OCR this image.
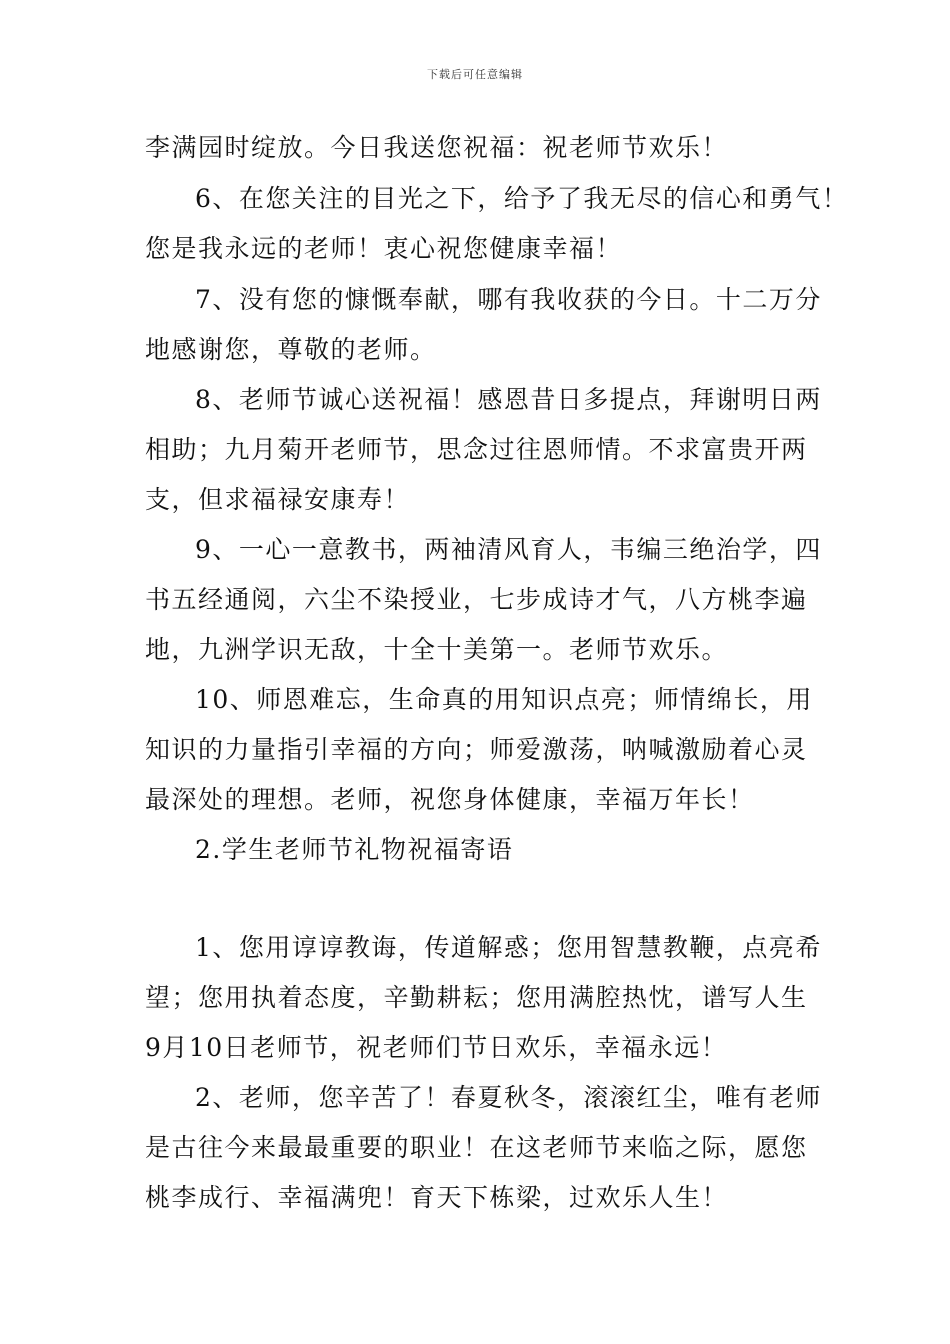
下载后可任意编辑
李满园时绽放。今日我送您祝福：祝老师节欢乐！
6、在您关注的目光之下，给予了我无尽的信心和勇气！
您是我永远的老师！衷心祝您健康幸福！
7、没有您的慷慨奉献，哪有我收获的今日。十二万分
地感谢您，尊敬的老师。
8、老师节诚心送祝福！感恩昔日多提点，拜谢明日两
相助；九月菊开老师节，思念过往恩师情。不求富贵开两
支，但求福禄安康寿！
9、一心一意教书，两袖清风育人，韦编三绝治学，四
书五经通阅，六尘不染授业，七步成诗才气，八方桃李遍
地，九洲学识无敌，十全十美第一。老师节欢乐。
10、师恩难忘，生命真的用知识点亮；师情绵长，用
知识的力量指引幸福的方向；师爱激荡，呐喊激励着心灵
最深处的理想。老师，祝您身体健康，幸福万年长！
2.学生老师节礼物祝福寄语
1、您用谆谆教诲，传道解惑；您用智慧教鞭，点亮希
望；您用执着态度，辛勤耕耘；您用满腔热忱，谱写人生
9月10日老师节，祝老师们节日欢乐，幸福永远！
2、老师，您辛苦了！春夏秋冬，滚滚红尘，唯有老师
是古往今来最最重要的职业！在这老师节来临之际，愿您
桃李成行、幸福满兜！育天下栋梁，过欢乐人生！
